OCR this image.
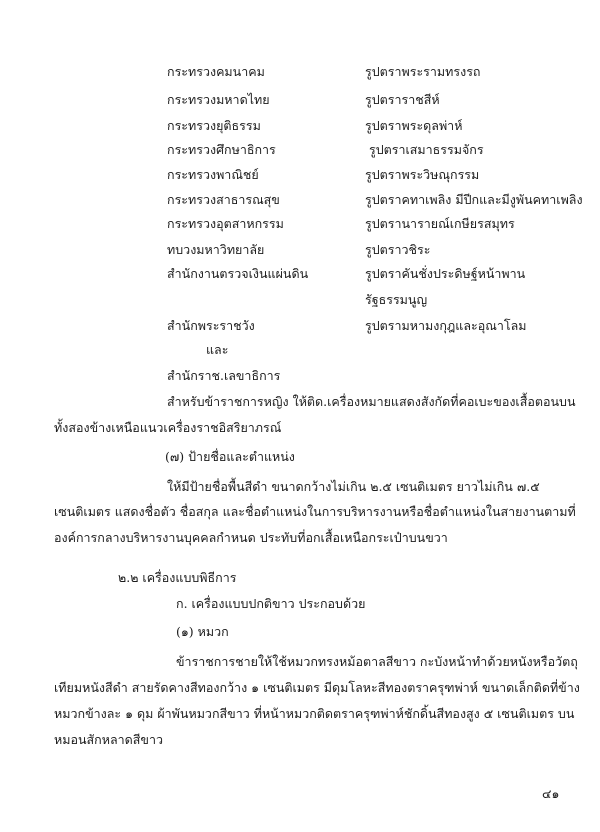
กระทรวงคมนาคม	รูปตราพระรามทรงรถ
กระทรวงมหาดไทย	รูปตราราชสีห์
กระทรวงยุติธรรม	รูปตราพระดุลพ่าห์
กระทรวงศึกษาธิการ	รูปตราเสมาธรรมจักร
กระทรวงพาณิชย์	รูปตราพระวิษณุกรรม
กระทรวงสาธารณสุข	รูปตราคทาเพลิง มีปีกและมีงูพันคทาเพลิง
กระทรวงอุตสาหกรรม	รูปตรานารายณ์เกษียรสมุทร
ทบวงมหาวิทยาลัย	รูปตราวชิระ
สำนักงานตรวจเงินแผ่นดิน	รูปตราคันชั่งประดิษฐ์หน้าพาน
รัฐธรรมนูญ
สำนักพระราชวัง	รูปตรามหามงกุฎและอุณาโลม
และ
สำนักราช.เลขาธิการ
สำหรับข้าราชการหญิง ให้ติด.เครื่องหมายแสดงสังกัดที่คอเบะของเสื้อตอนบน
ทั้งสองข้างเหนือแนวเครื่องราชอิสริยาภรณ์
(๗) ป้ายชื่อและตำแหน่ง
ให้มีป้ายชื่อพื้นสีดำ ขนาดกว้างไม่เกิน ๒.๕ เซนติเมตร ยาวไม่เกิน ๗.๕
เซนติเมตร แสดงชื่อตัว ชื่อสกุล และชื่อตำแหน่งในการบริหารงานหรือชื่อตำแหน่งในสายงานตามที่
องค์การกลางบริหารงานบุคคลกำหนด ประทับที่อกเสื้อเหนือกระเป๋าบนขวา
๒.๒ เครื่องแบบพิธีการ
ก. เครื่องแบบปกติขาว ประกอบด้วย
(๑) หมวก
ข้าราชการชายให้ใช้หมวกทรงหม้อตาลสีขาว กะบังหน้าทำด้วยหนังหรือวัตถุ
เทียมหนังสีดำ สายรัดคางสีทองกว้าง ๑ เซนติเมตร มีดุมโลหะสีทองตราครุฑพ่าห์ ขนาดเล็กติดที่ข้าง
หมวกข้างละ ๑ ดุม ผ้าพันหมวกสีขาว ที่หน้าหมวกติดตราครุฑพ่าห์ชักดิ้นสีทองสูง ๕ เซนติเมตร บน
หมอนสักหลาดสีขาว
๔๑
